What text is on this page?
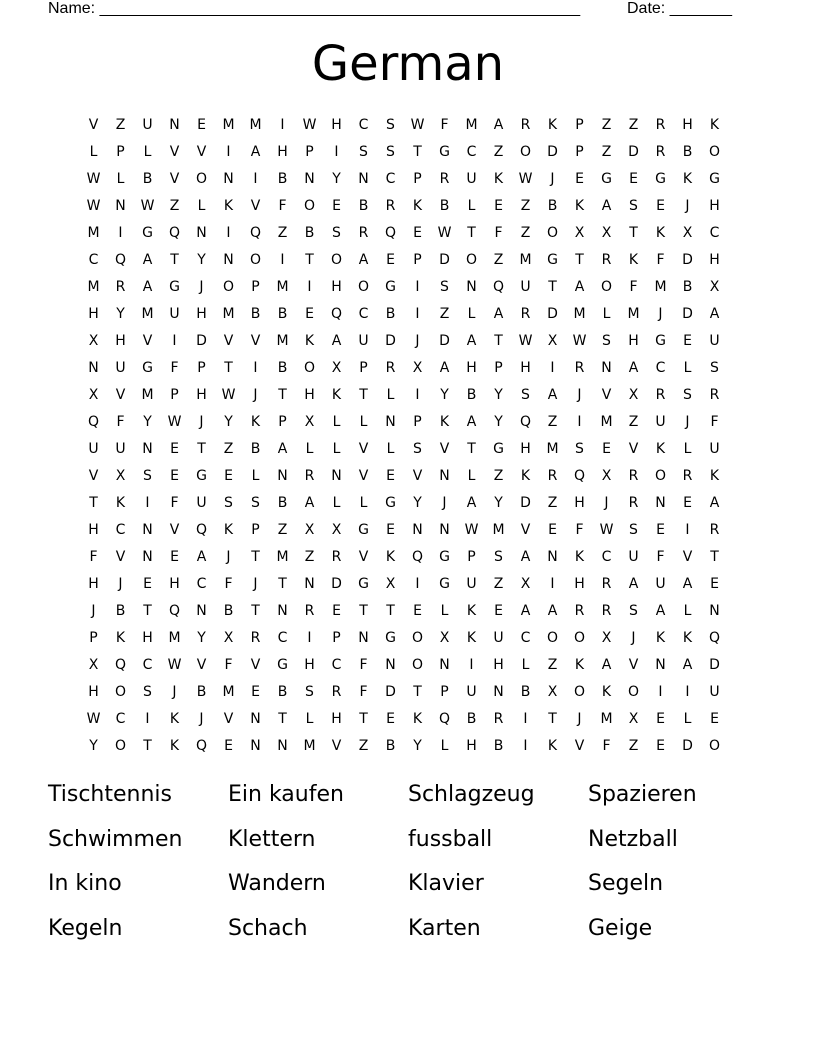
Name: ______________________________________________________	Date: _______
German
V	Z	U	N	E	M	M	I	W	H	C	S	W	F	M	A	R	K	P	Z	Z	R	H	K
L	P	L	V	V	I	A	H	P	I	S	S	T	G	C	Z	O	D	P	Z	D	R	B	O
W	L	B	V	O	N	I	B	N	Y	N	C	P	R	U	K	W	J	E	G	E	G	K	G
W	N	W	Z	L	K	V	F	O	E	B	R	K	B	L	E	Z	B	K	A	S	E	J	H
M	I	G	Q	N	I	Q	Z	B	S	R	Q	E	W	T	F	Z	O	X	X	T	K	X	C
C	Q	A	T	Y	N	O	I	T	O	A	E	P	D	O	Z	M	G	T	R	K	F	D	H
M	R	A	G	J	O	P	M	I	H	O	G	I	S	N	Q	U	T	A	O	F	M	B	X
H	Y	M	U	H	M	B	B	E	Q	C	B	I	Z	L	A	R	D	M	L	M	J	D	A
X	H	V	I	D	V	V	M	K	A	U	D	J	D	A	T	W	X	W	S	H	G	E	U
N	U	G	F	P	T	I	B	O	X	P	R	X	A	H	P	H	I	R	N	A	C	L	S
X	V	M	P	H	W	J	T	H	K	T	L	I	Y	B	Y	S	A	J	V	X	R	S	R
Q	F	Y	W	J	Y	K	P	X	L	L	N	P	K	A	Y	Q	Z	I	M	Z	U	J	F
U	U	N	E	T	Z	B	A	L	L	V	L	S	V	T	G	H	M	S	E	V	K	L	U
V	X	S	E	G	E	L	N	R	N	V	E	V	N	L	Z	K	R	Q	X	R	O	R	K
T	K	I	F	U	S	S	B	A	L	L	G	Y	J	A	Y	D	Z	H	J	R	N	E	A
H	C	N	V	Q	K	P	Z	X	X	G	E	N	N	W	M	V	E	F	W	S	E	I	R
F	V	N	E	A	J	T	M	Z	R	V	K	Q	G	P	S	A	N	K	C	U	F	V	T
H	J	E	H	C	F	J	T	N	D	G	X	I	G	U	Z	X	I	H	R	A	U	A	E
J	B	T	Q	N	B	T	N	R	E	T	T	E	L	K	E	A	A	R	R	S	A	L	N
P	K	H	M	Y	X	R	C	I	P	N	G	O	X	K	U	C	O	O	X	J	K	K	Q
X	Q	C	W	V	F	V	G	H	C	F	N	O	N	I	H	L	Z	K	A	V	N	A	D
H	O	S	J	B	M	E	B	S	R	F	D	T	P	U	N	B	X	O	K	O	I	I	U
W	C	I	K	J	V	N	T	L	H	T	E	K	Q	B	R	I	T	J	M	X	E	L	E
Y	O	T	K	Q	E	N	N	M	V	Z	B	Y	L	H	B	I	K	V	F	Z	E	D	O
Tischtennis	Ein kaufen	Schlagzeug	Spazieren
Schwimmen	Klettern	fussball	Netzball
In kino	Wandern	Klavier	Segeln
Kegeln	Schach	Karten	Geige
